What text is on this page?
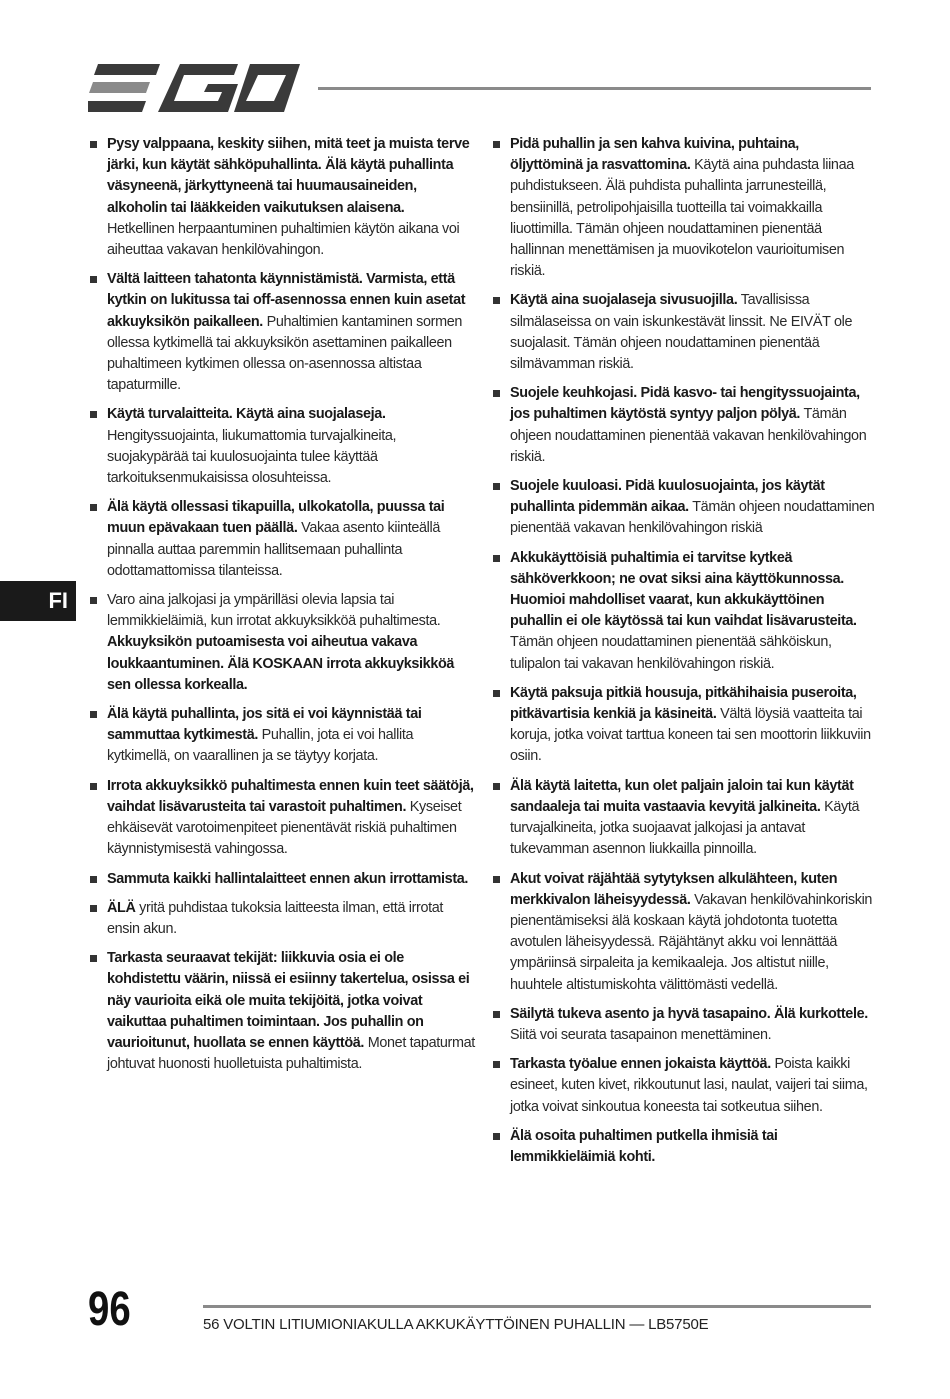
FI
Pysy valppaana, keskity siihen, mitä teet ja muista terve järki, kun käytät sähköpuhallinta. Älä käytä puhallinta väsyneenä, järkyttyneenä tai huumausaineiden, alkoholin tai lääkkeiden vaikutuksen alaisena. Hetkellinen herpaantuminen puhaltimien käytön aikana voi aiheuttaa vakavan henkilövahingon.
Vältä laitteen tahatonta käynnistämistä. Varmista, että kytkin on lukitussa tai off-asennossa ennen kuin asetat akkuyksikön paikalleen. Puhaltimien kantaminen sormen ollessa kytkimellä tai akkuyksikön asettaminen paikalleen puhaltimeen kytkimen ollessa on-asennossa altistaa tapaturmille.
Käytä turvalaitteita. Käytä aina suojalaseja. Hengityssuojainta, liukumattomia turvajalkineita, suojakypärää tai kuulosuojainta tulee käyttää tarkoituksenmukaisissa olosuhteissa.
Älä käytä ollessasi tikapuilla, ulkokatolla, puussa tai muun epävakaan tuen päällä. Vakaa asento kiinteällä pinnalla auttaa paremmin hallitsemaan puhallinta odottamattomissa tilanteissa.
Varo aina jalkojasi ja ympärilläsi olevia lapsia tai lemmikkieläimiä, kun irrotat akkuyksikköä puhaltimesta. Akkuyksikön putoamisesta voi aiheutua vakava loukkaantuminen. Älä KOSKAAN irrota akkuyksikköä sen ollessa korkealla.
Älä käytä puhallinta, jos sitä ei voi käynnistää tai sammuttaa kytkimestä. Puhallin, jota ei voi hallita kytkimellä, on vaarallinen ja se täytyy korjata.
Irrota akkuyksikkö puhaltimesta ennen kuin teet säätöjä, vaihdat lisävarusteita tai varastoit puhaltimen. Kyseiset ehkäisevät varotoimenpiteet pienentävät riskiä puhaltimen käynnistymisestä vahingossa.
Sammuta kaikki hallintalaitteet ennen akun irrottamista.
ÄLÄ yritä puhdistaa tukoksia laitteesta ilman, että irrotat ensin akun.
Tarkasta seuraavat tekijät: liikkuvia osia ei ole kohdistettu väärin, niissä ei esiinny takertelua, osissa ei näy vaurioita eikä ole muita tekijöitä, jotka voivat vaikuttaa puhaltimen toimintaan. Jos puhallin on vaurioitunut, huollata se ennen käyttöä. Monet tapaturmat johtuvat huonosti huolletuista puhaltimista.
Pidä puhallin ja sen kahva kuivina, puhtaina, öljyttöminä ja rasvattomina. Käytä aina puhdasta liinaa puhdistukseen. Älä puhdista puhallinta jarrunesteillä, bensiinillä, petrolipohjaisilla tuotteilla tai voimakkailla liuottimilla. Tämän ohjeen noudattaminen pienentää hallinnan menettämisen ja muovikotelon vaurioitumisen riskiä.
Käytä aina suojalaseja sivusuojilla. Tavallisissa silmälaseissa on vain iskunkestävät linssit. Ne EIVÄT ole suojalasit. Tämän ohjeen noudattaminen pienentää silmävamman riskiä.
Suojele keuhkojasi. Pidä kasvo- tai hengityssuojainta, jos puhaltimen käytöstä syntyy paljon pölyä. Tämän ohjeen noudattaminen pienentää vakavan henkilövahingon riskiä.
Suojele kuuloasi. Pidä kuulosuojainta, jos käytät puhallinta pidemmän aikaa. Tämän ohjeen noudattaminen pienentää vakavan henkilövahingon riskiä
Akkukäyttöisiä puhaltimia ei tarvitse kytkeä sähköverkkoon; ne ovat siksi aina käyttökunnossa. Huomioi mahdolliset vaarat, kun akkukäyttöinen puhallin ei ole käytössä tai kun vaihdat lisävarusteita. Tämän ohjeen noudattaminen pienentää sähköiskun, tulipalon tai vakavan henkilövahingon riskiä.
Käytä paksuja pitkiä housuja, pitkähihaisia puseroita, pitkävartisia kenkiä ja käsineitä. Vältä löysiä vaatteita tai koruja, jotka voivat tarttua koneen tai sen moottorin liikkuviin osiin.
Älä käytä laitetta, kun olet paljain jaloin tai kun käytät sandaaleja tai muita vastaavia kevyitä jalkineita. Käytä turvajalkineita, jotka suojaavat jalkojasi ja antavat tukevamman asennon liukkailla pinnoilla.
Akut voivat räjähtää sytytyksen alkulähteen, kuten merkkivalon läheisyydessä. Vakavan henkilövahinkoriskin pienentämiseksi älä koskaan käytä johdotonta tuotetta avotulen läheisyydessä. Räjähtänyt akku voi lennättää ympäriinsä sirpaleita ja kemikaaleja. Jos altistut niille, huuhtele altistumiskohta välittömästi vedellä.
Säilytä tukeva asento ja hyvä tasapaino. Älä kurkottele. Siitä voi seurata tasapainon menettäminen.
Tarkasta työalue ennen jokaista käyttöä. Poista kaikki esineet, kuten kivet, rikkoutunut lasi, naulat, vaijeri tai siima, jotka voivat sinkoutua koneesta tai sotkeutua siihen.
Älä osoita puhaltimen putkella ihmisiä tai lemmikkieläimiä kohti.
96	56 VOLTIN LITIUMIONIAKULLA AKKUKÄYTTÖINEN PUHALLIN — LB5750E
